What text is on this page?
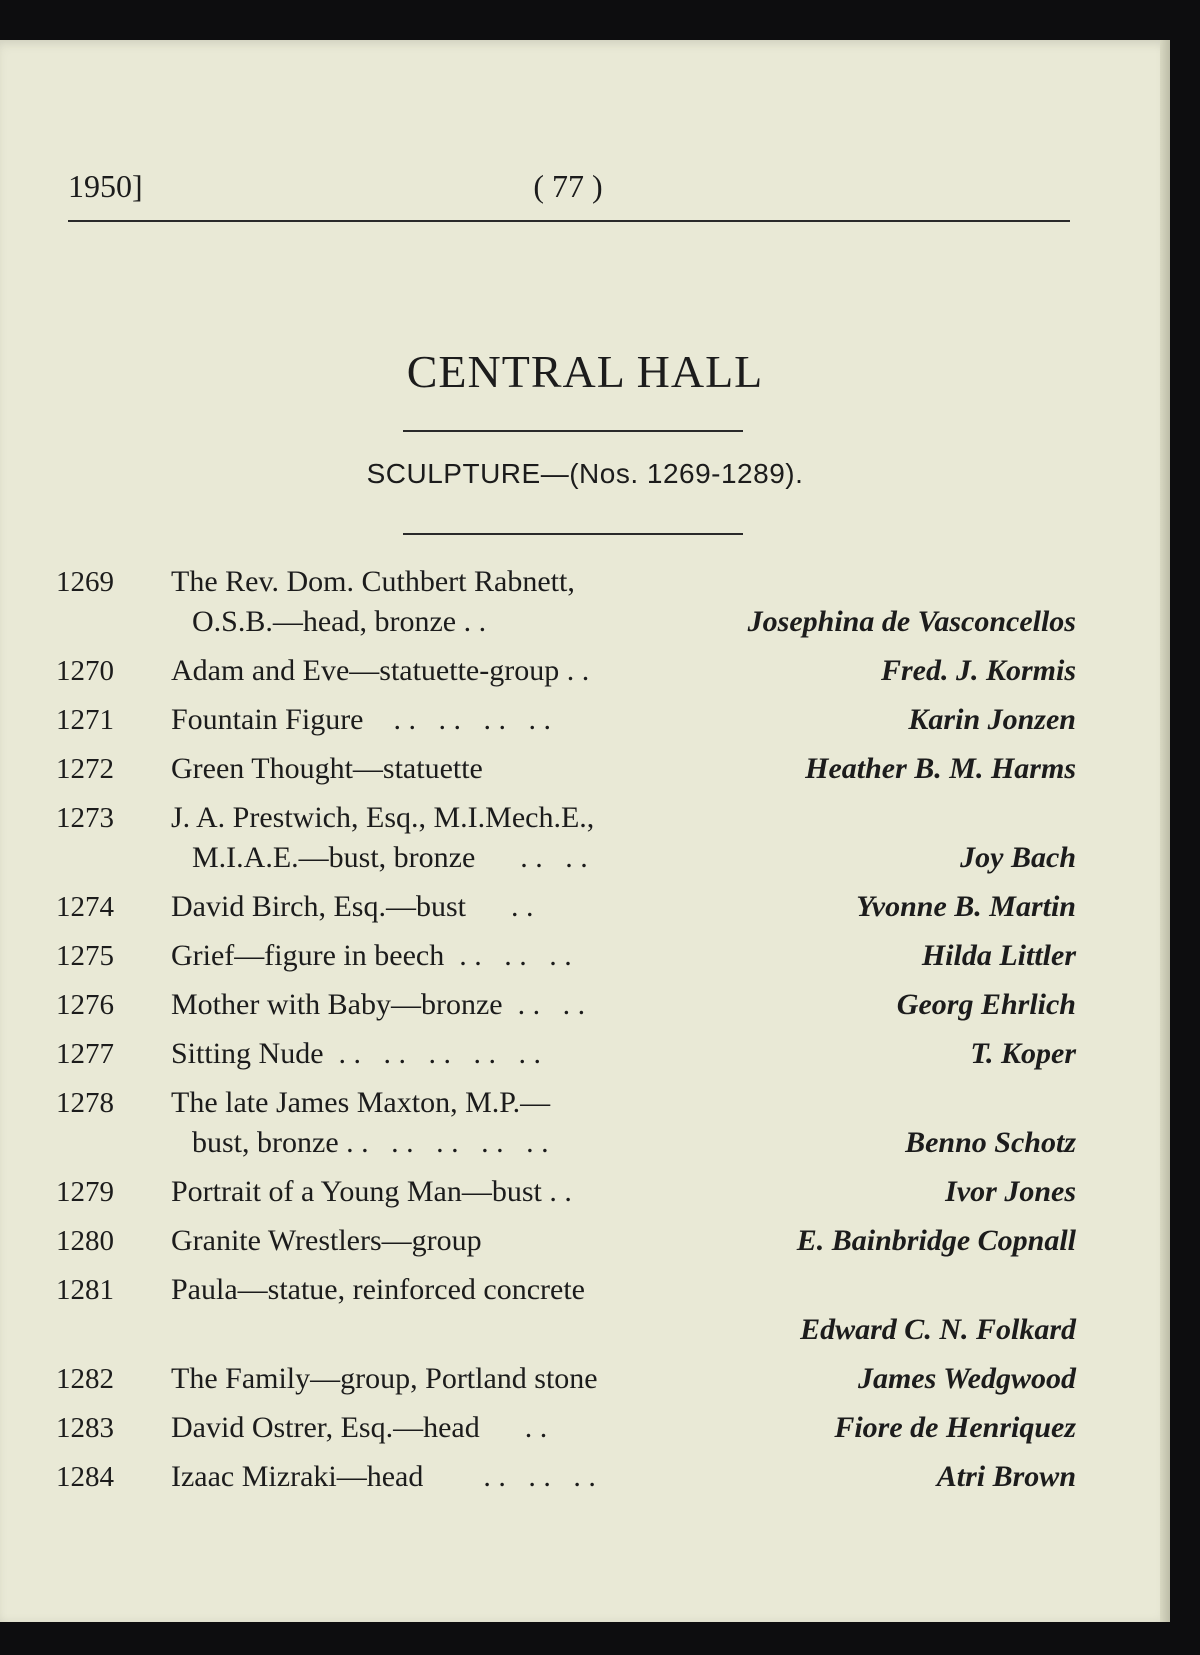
1950]	( 77 )
CENTRAL HALL
SCULPTURE—(Nos. 1269-1289).
1269	The Rev. Dom. Cuthbert Rabnett,
O.S.B.—head, bronze . .	Josephina de Vasconcellos
1270	Adam and Eve—statuette-group . .	Fred. J. Kormis
1271	Fountain Figure    . .   . .   . .   . .	Karin Jonzen
1272	Green Thought—statuette	Heather B. M. Harms
1273	J. A. Prestwich, Esq., M.I.Mech.E.,
M.I.A.E.—bust, bronze      . .   . .	Joy Bach
1274	David Birch, Esq.—bust      . .	Yvonne B. Martin
1275	Grief—figure in beech  . .   . .   . .	Hilda Littler
1276	Mother with Baby—bronze  . .   . .	Georg Ehrlich
1277	Sitting Nude  . .   . .   . .   . .   . .	T. Koper
1278	The late James Maxton, M.P.—
bust, bronze . .   . .   . .   . .   . .	Benno Schotz
1279	Portrait of a Young Man—bust . .	Ivor Jones
1280	Granite Wrestlers—group	E. Bainbridge Copnall
1281	Paula—statue, reinforced concrete
Edward C. N. Folkard
1282	The Family—group, Portland stone	James Wedgwood
1283	David Ostrer, Esq.—head      . .	Fiore de Henriquez
1284	Izaac Mizraki—head        . .   . .   . .	Atri Brown
